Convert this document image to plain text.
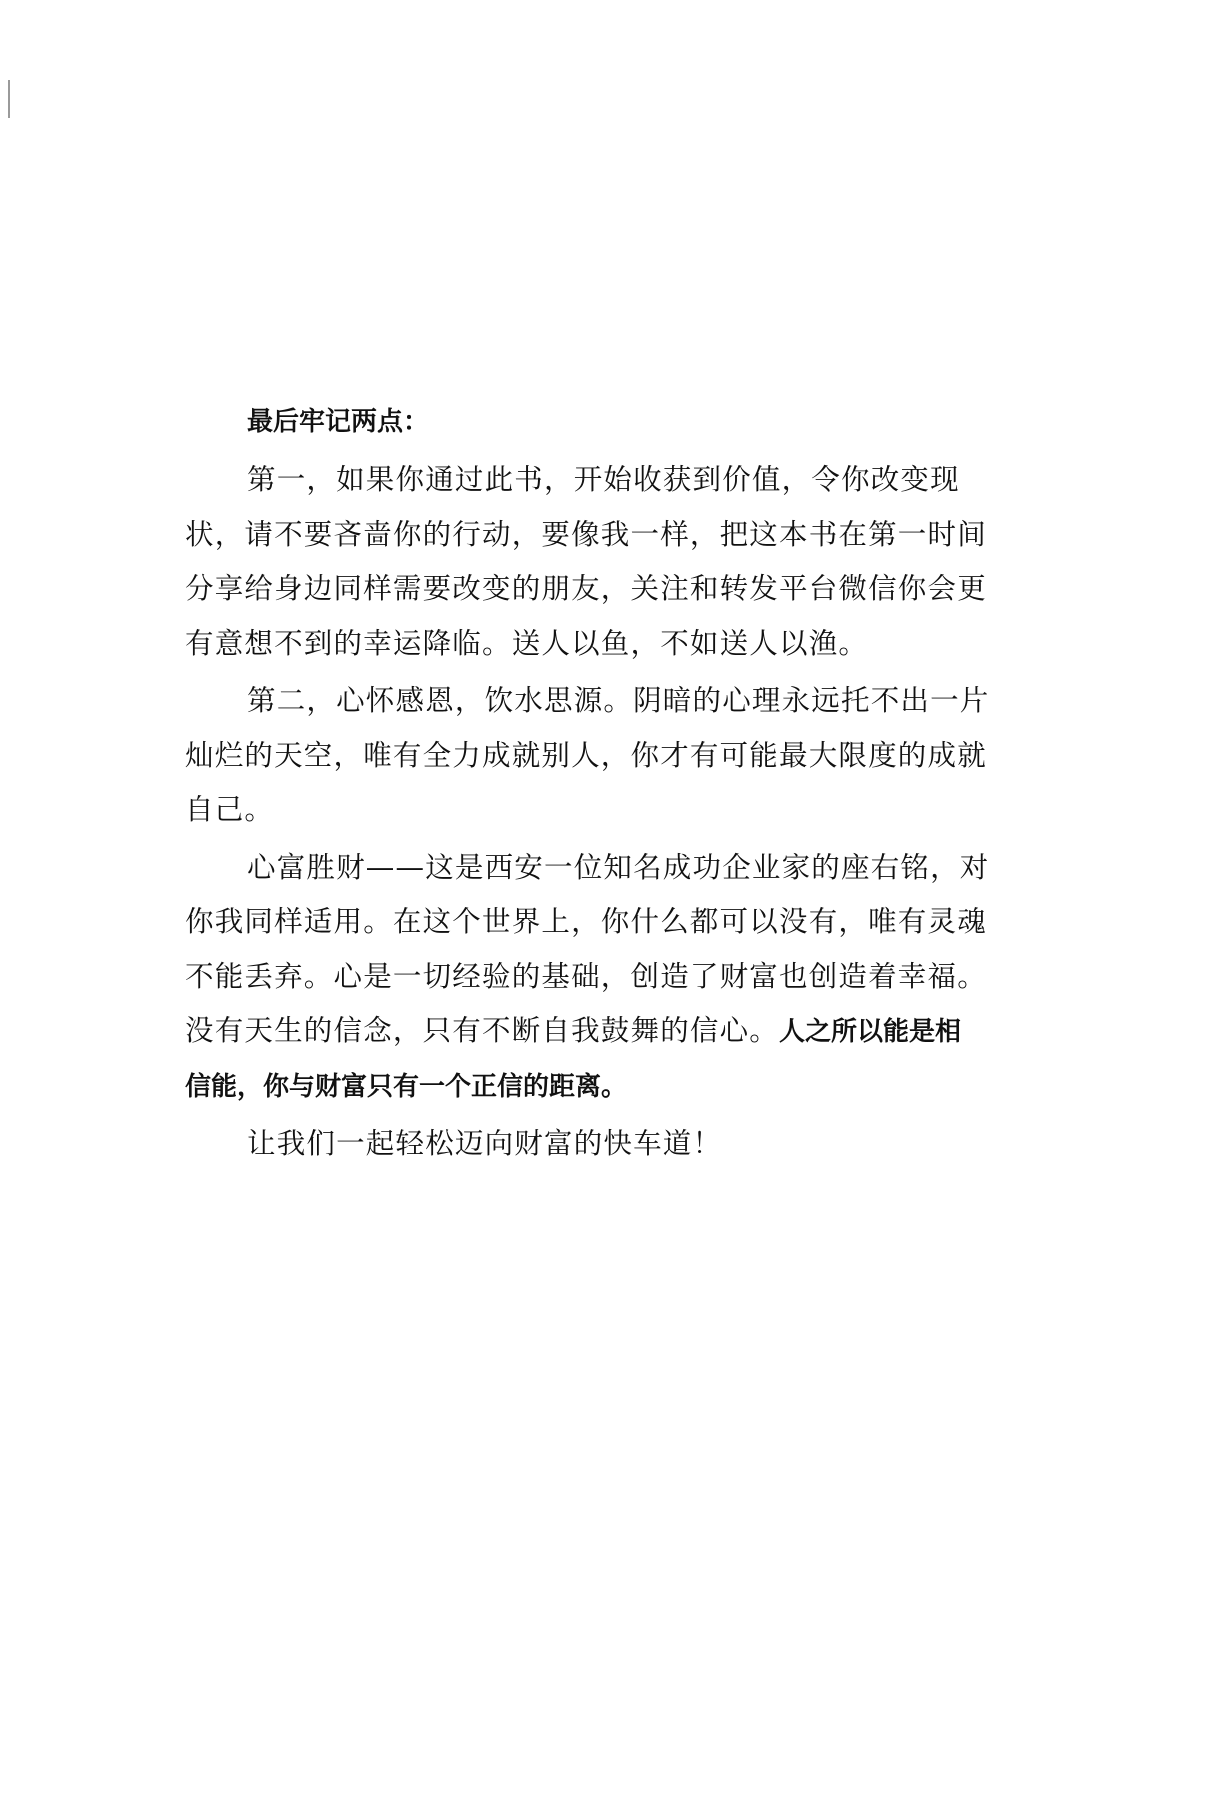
最后牢记两点：
第一，如果你通过此书，开始收获到价值，令你改变现
状，请不要吝啬你的行动，要像我一样，把这本书在第一时间
分享给身边同样需要改变的朋友，关注和转发平台微信你会更
有意想不到的幸运降临。送人以鱼，不如送人以渔。
第二，心怀感恩，饮水思源。阴暗的心理永远托不出一片
灿烂的天空，唯有全力成就别人，你才有可能最大限度的成就
自己。
心富胜财——这是西安一位知名成功企业家的座右铭，对
你我同样适用。在这个世界上，你什么都可以没有，唯有灵魂
不能丢弃。心是一切经验的基础，创造了财富也创造着幸福。
没有天生的信念，只有不断自我鼓舞的信心。人之所以能是相
信能，你与财富只有一个正信的距离。
让我们一起轻松迈向财富的快车道！
